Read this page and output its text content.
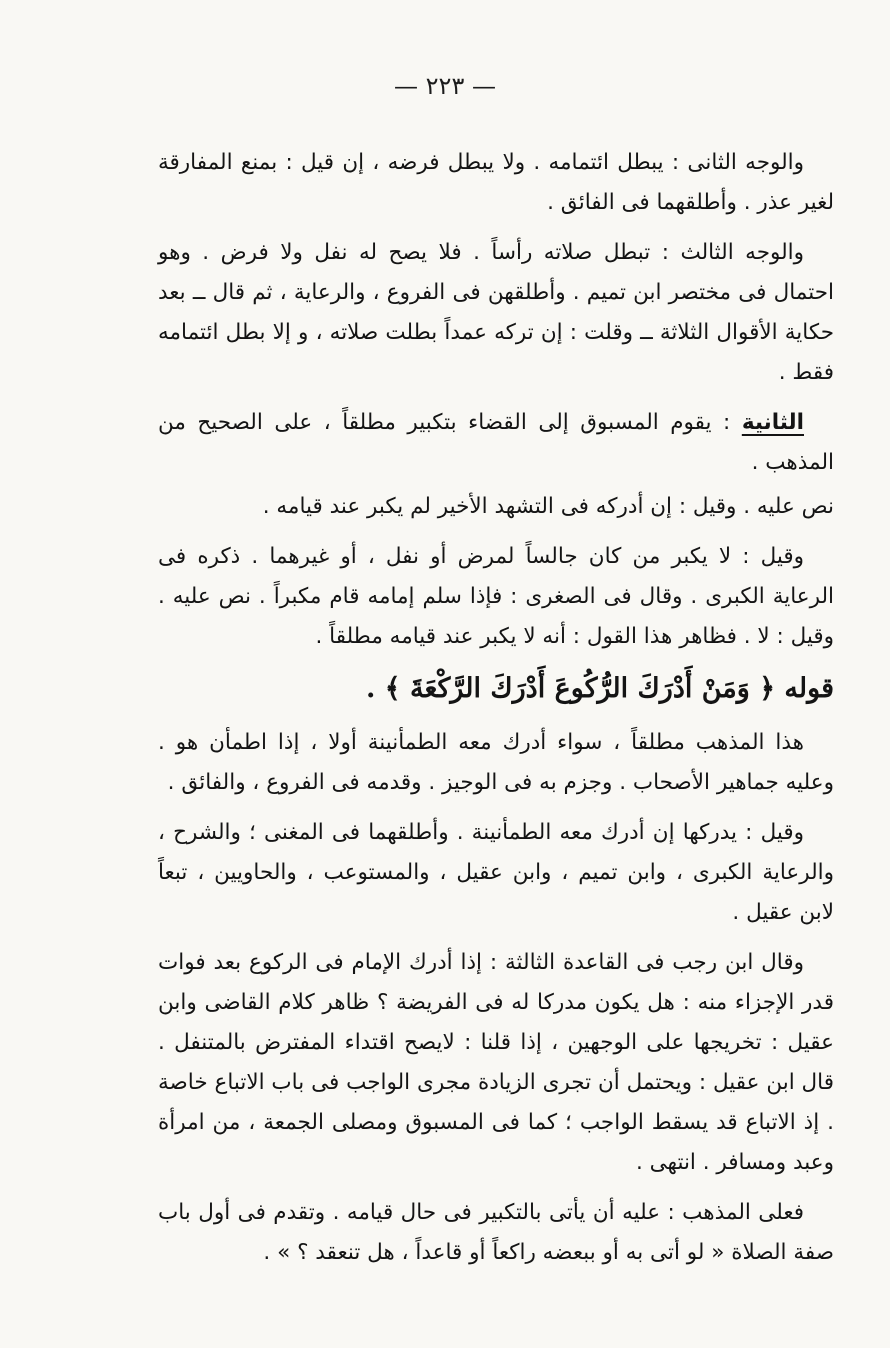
— ٢٢٣ —

والوجه الثانى : يبطل ائتمامه . ولا يبطل فرضه ، إن قيل : بمنع المفارقة لغير عذر . وأطلقهما فى الفائق .

والوجه الثالث : تبطل صلاته رأساً . فلا يصح له نفل ولا فرض . وهو احتمال فى مختصر ابن تميم . وأطلقهن فى الفروع ، والرعاية ، ثم قال ــ بعد حكاية الأقوال الثلاثة ــ وقلت : إن تركه عمداً بطلت صلاته ، و إلا بطل ائتمامه فقط .

الثانية : يقوم المسبوق إلى القضاء بتكبير مطلقاً ، على الصحيح من المذهب .

نص عليه . وقيل : إن أدركه فى التشهد الأخير لم يكبر عند قيامه .

وقيل : لا يكبر من كان جالساً لمرض أو نفل ، أو غيرهما . ذكره فى الرعاية الكبرى . وقال فى الصغرى : فإذا سلم إمامه قام مكبراً . نص عليه . وقيل : لا . فظاهر هذا القول : أنه لا يكبر عند قيامه مطلقاً .

قوله ﴿ وَمَنْ أَدْرَكَ الرُّكُوعَ أَدْرَكَ الرَّكْعَةَ ﴾ .

هذا المذهب مطلقاً ، سواء أدرك معه الطمأنينة أولا ، إذا اطمأن هو . وعليه جماهير الأصحاب . وجزم به فى الوجيز . وقدمه فى الفروع ، والفائق .

وقيل : يدركها إن أدرك معه الطمأنينة . وأطلقهما فى المغنى ؛ والشرح ، والرعاية الكبرى ، وابن تميم ، وابن عقيل ، والمستوعب ، والحاويين ، تبعاً لابن عقيل .

وقال ابن رجب فى القاعدة الثالثة : إذا أدرك الإمام فى الركوع بعد فوات قدر الإجزاء منه : هل يكون مدركا له فى الفريضة ؟ ظاهر كلام القاضى وابن عقيل : تخريجها على الوجهين ، إذا قلنا : لايصح اقتداء المفترض بالمتنفل . قال ابن عقيل : ويحتمل أن تجرى الزيادة مجرى الواجب فى باب الاتباع خاصة . إذ الاتباع قد يسقط الواجب ؛ كما فى المسبوق ومصلى الجمعة ، من امرأة وعبد ومسافر . انتهى .

فعلى المذهب : عليه أن يأتى بالتكبير فى حال قيامه . وتقدم فى أول باب صفة الصلاة « لو أتى به أو ببعضه راكعاً أو قاعداً ، هل تنعقد ؟ » .
